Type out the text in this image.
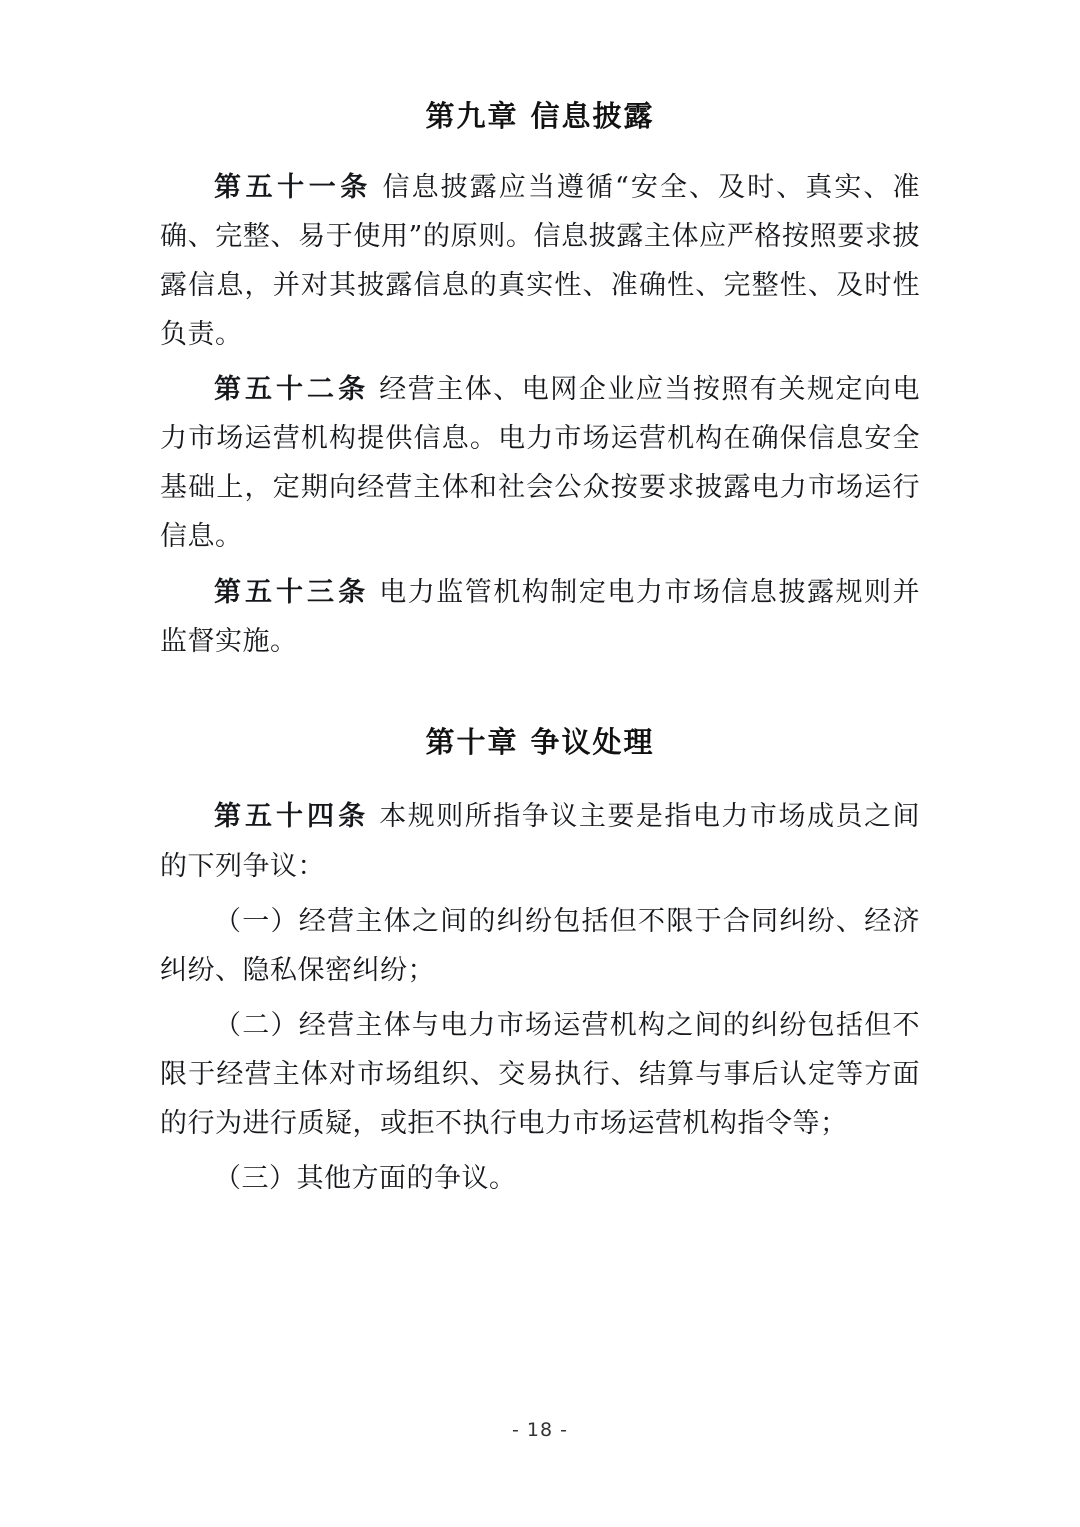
第九章 信息披露

第五十一条 信息披露应当遵循“安全、及时、真实、准确、完整、易于使用”的原则。信息披露主体应严格按照要求披露信息，并对其披露信息的真实性、准确性、完整性、及时性负责。

第五十二条 经营主体、电网企业应当按照有关规定向电力市场运营机构提供信息。电力市场运营机构在确保信息安全基础上，定期向经营主体和社会公众按要求披露电力市场运行信息。

第五十三条 电力监管机构制定电力市场信息披露规则并监督实施。

第十章 争议处理

第五十四条 本规则所指争议主要是指电力市场成员之间的下列争议：

（一）经营主体之间的纠纷包括但不限于合同纠纷、经济纠纷、隐私保密纠纷；

（二）经营主体与电力市场运营机构之间的纠纷包括但不限于经营主体对市场组织、交易执行、结算与事后认定等方面的行为进行质疑，或拒不执行电力市场运营机构指令等；

（三）其他方面的争议。

- 18 -
